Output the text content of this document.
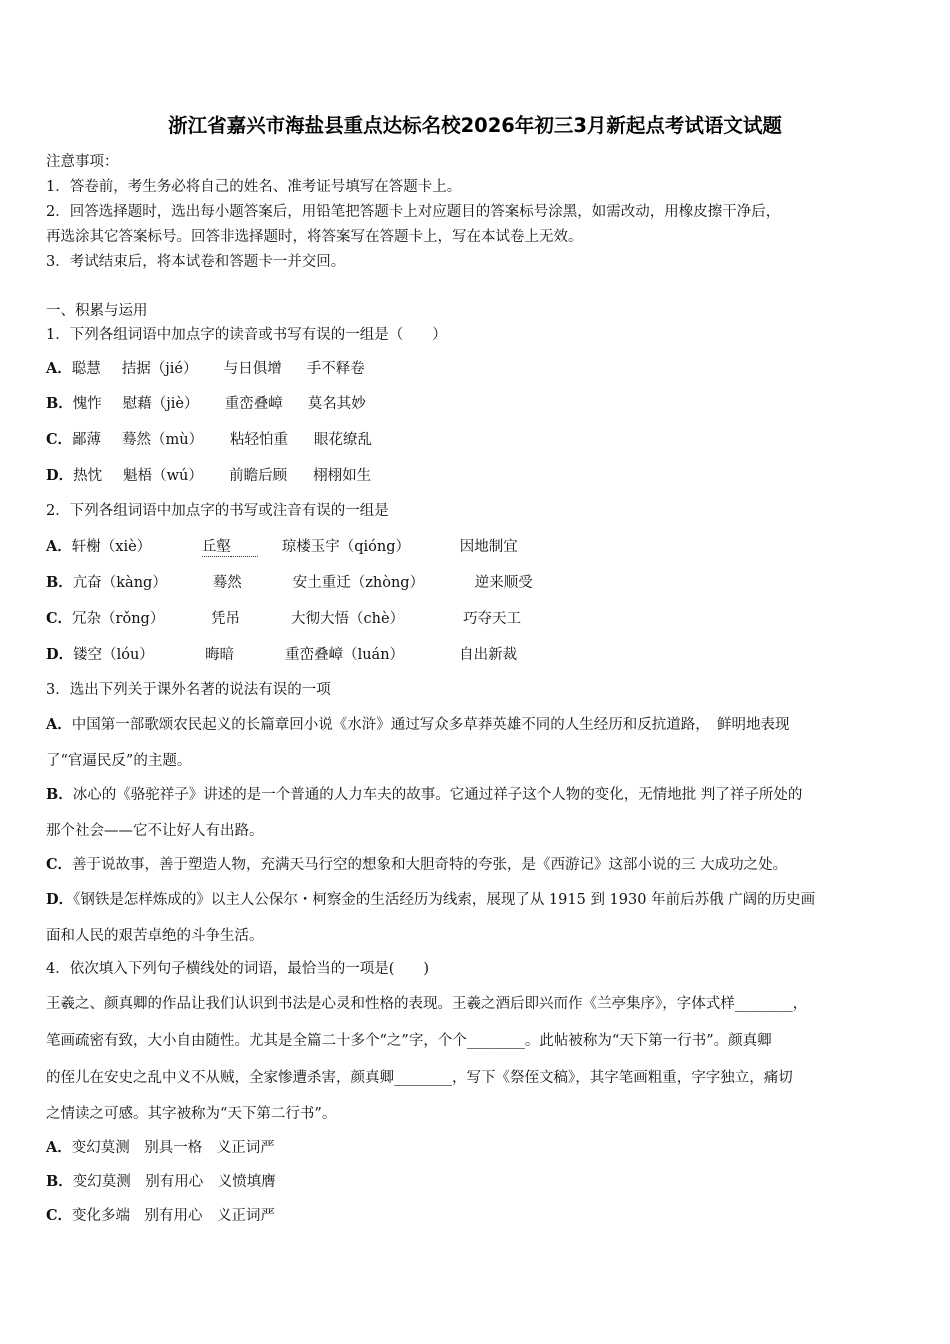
浙江省嘉兴市海盐县重点达标名校2026年初三3月新起点考试语文试题
注意事项：
1．答卷前，考生务必将自己的姓名、准考证号填写在答题卡上。
2．回答选择题时，选出每小题答案后，用铅笔把答题卡上对应题目的答案标号涂黑，如需改动，用橡皮擦干净后，
再选涂其它答案标号。回答非选择题时，将答案写在答题卡上，写在本试卷上无效。
3．考试结束后，将本试卷和答题卡一并交回。
一、积累与运用
1．下列各组词语中加点字的读音或书写有误的一组是（　　）
A．聪慧 拮据（jié） 与日俱增 手不释卷
B．愧怍 慰藉（jiè） 重峦叠嶂 莫名其妙
C．鄙薄 蓦然（mù） 粘轻怕重 眼花缭乱
D．热忱 魁梧（wú） 前瞻后顾 栩栩如生
2．下列各组词语中加点字的书写或注音有误的一组是
A．轩榭（xiè）	丘壑	琼楼玉宇（qióng）	因地制宜
B．亢奋（kàng）	蓦然	安土重迁（zhòng）	逆来顺受
C．冗杂（rǒng）	凭吊	大彻大悟（chè）	巧夺天工
D．镂空（lóu）	晦暗	重峦叠嶂（luán）	自出新裁
3．选出下列关于课外名著的说法有误的一项
A．中国第一部歌颂农民起义的长篇章回小说《水浒》通过写众多草莽英雄不同的人生经历和反抗道路，　鲜明地表现
了“官逼民反”的主题。
B．冰心的《骆驼祥子》讲述的是一个普通的人力车夫的故事。它通过祥子这个人物的变化，无情地批 判了祥子所处的
那个社会——它不让好人有出路。
C．善于说故事，善于塑造人物，充满天马行空的想象和大胆奇特的夸张，是《西游记》这部小说的三 大成功之处。
D．《钢铁是怎样炼成的》以主人公保尔・柯察金的生活经历为线索，展现了从 1915 到 1930 年前后苏俄 广阔的历史画
面和人民的艰苦卓绝的斗争生活。
4．依次填入下列句子横线处的词语，最恰当的一项是(　　)
王羲之、颜真卿的作品让我们认识到书法是心灵和性格的表现。王羲之酒后即兴而作《兰亭集序》，字体式样________，
笔画疏密有致，大小自由随性。尤其是全篇二十多个“之”字，个个________。此帖被称为“天下第一行书”。颜真卿
的侄儿在安史之乱中义不从贼，全家惨遭杀害，颜真卿________，写下《祭侄文稿》，其字笔画粗重，字字独立，痛切
之情读之可感。其字被称为“天下第二行书”。
A．变幻莫测　别具一格　义正词严
B．变幻莫测　别有用心　义愤填膺
C．变化多端　别有用心　义正词严
